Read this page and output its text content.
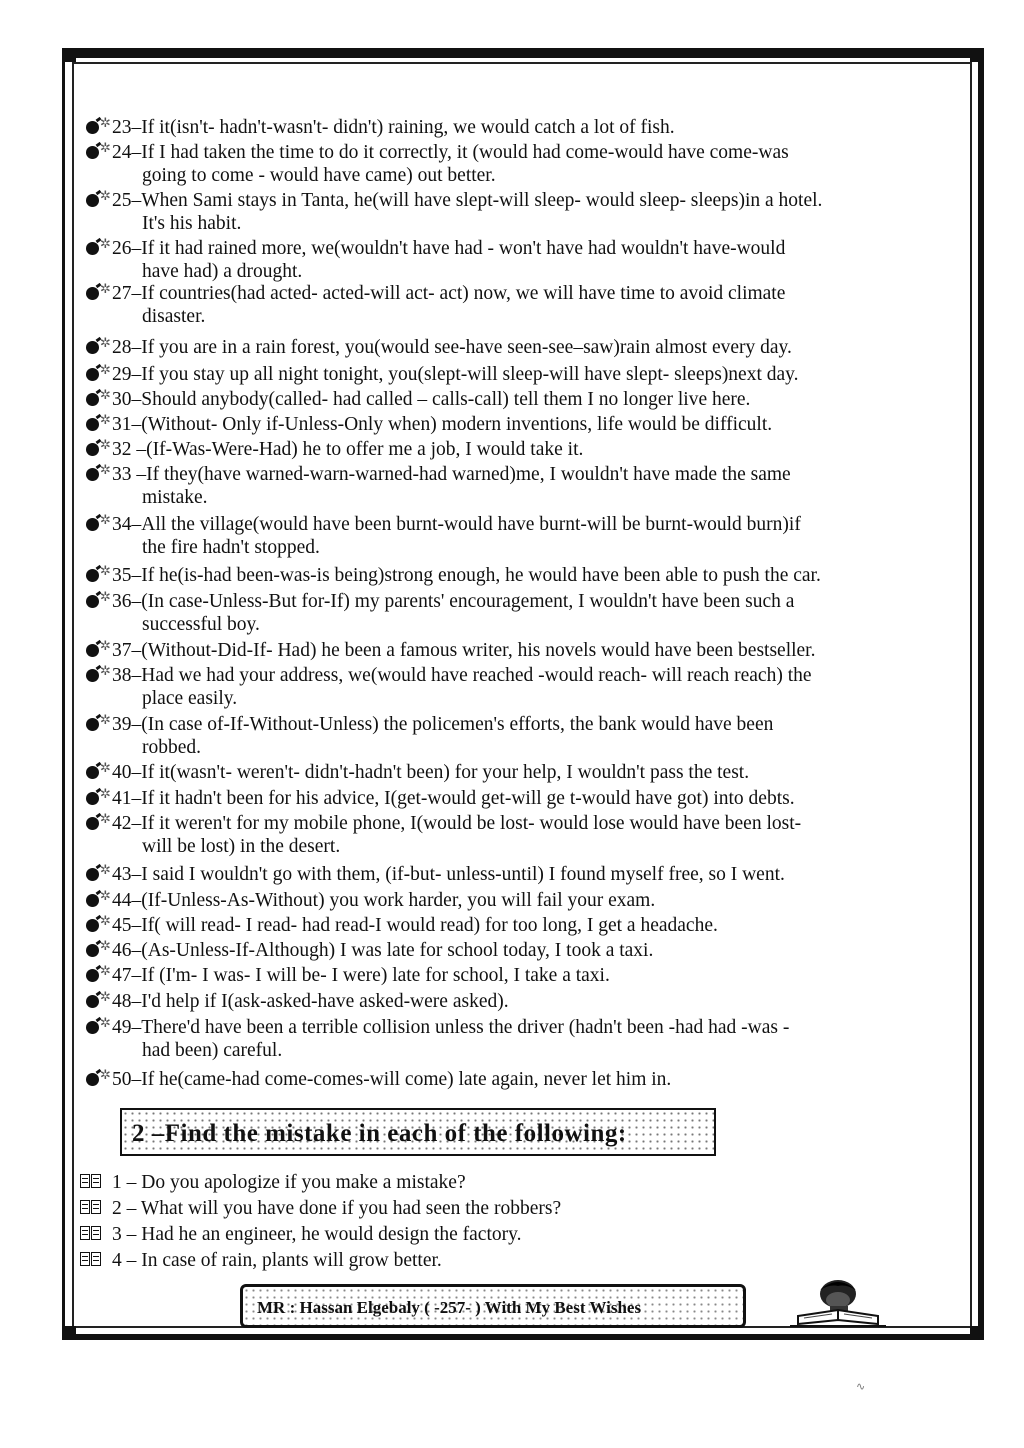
✲ 23–If it(isn't- hadn't-wasn't- didn't) raining, we would catch a lot of fish.
✲ 24–If I had taken the time to do it correctly, it (would had come-would have come-was
going to come - would have came) out better.
✲ 25–When Sami stays in Tanta, he(will have slept-will sleep- would sleep- sleeps)in a hotel.
It's his habit.
✲ 26–If it had rained more, we(wouldn't have had - won't have had wouldn't have-would
have had) a drought.
✲ 27–If countries(had acted- acted-will act- act) now, we will have time to avoid climate
disaster.
✲ 28–If you are in a rain forest, you(would see-have seen-see–saw)rain almost every day.
✲ 29–If you stay up all night tonight, you(slept-will sleep-will have slept- sleeps)next day.
✲ 30–Should anybody(called- had called – calls-call) tell them I no longer live here.
✲ 31–(Without- Only if-Unless-Only when) modern inventions, life would be difficult.
✲ 32 –(If-Was-Were-Had) he to offer me a job, I would take it.
✲ 33 –If they(have warned-warn-warned-had warned)me, I wouldn't have made the same
mistake.
✲ 34–All the village(would have been burnt-would have burnt-will be burnt-would burn)if
the fire hadn't stopped.
✲ 35–If he(is-had been-was-is being)strong enough, he would have been able to push the car.
✲ 36–(In case-Unless-But for-If) my parents' encouragement, I wouldn't have been such a
successful boy.
✲ 37–(Without-Did-If- Had) he been a famous writer, his novels would have been bestseller.
✲ 38–Had we had your address, we(would have reached -would reach- will reach reach) the
place easily.
✲ 39–(In case of-If-Without-Unless) the policemen's efforts, the bank would have been
robbed.
✲ 40–If it(wasn't- weren't- didn't-hadn't been) for your help, I wouldn't pass the test.
✲ 41–If it hadn't been for his advice, I(get-would get-will ge t-would have got) into debts.
✲ 42–If it weren't for my mobile phone, I(would be lost- would lose would have been lost-
will be lost) in the desert.
✲ 43–I said I wouldn't go with them, (if-but- unless-until) I found myself free, so I went.
✲ 44–(If-Unless-As-Without) you work harder, you will fail your exam.
✲ 45–If( will read- I read- had read-I would read) for too long, I get a headache.
✲ 46–(As-Unless-If-Although) I was late for school today, I took a taxi.
✲ 47–If (I'm- I was- I will be- I were) late for school, I take a taxi.
✲ 48–I'd help if I(ask-asked-have asked-were asked).
✲ 49–There'd have been a terrible collision unless the driver (hadn't been -had had -was -
had been) careful.
✲ 50–If he(came-had come-comes-will come) late again, never let him in.
2 –Find the mistake in each of the following:
1 – Do you apologize if you make a mistake?
2 – What will you have done if you had seen the robbers?
3 – Had he an engineer, he would design the factory.
4 – In case of rain, plants will grow better.
MR : Hassan Elgebaly ( -257- ) With My Best Wishes
∿
